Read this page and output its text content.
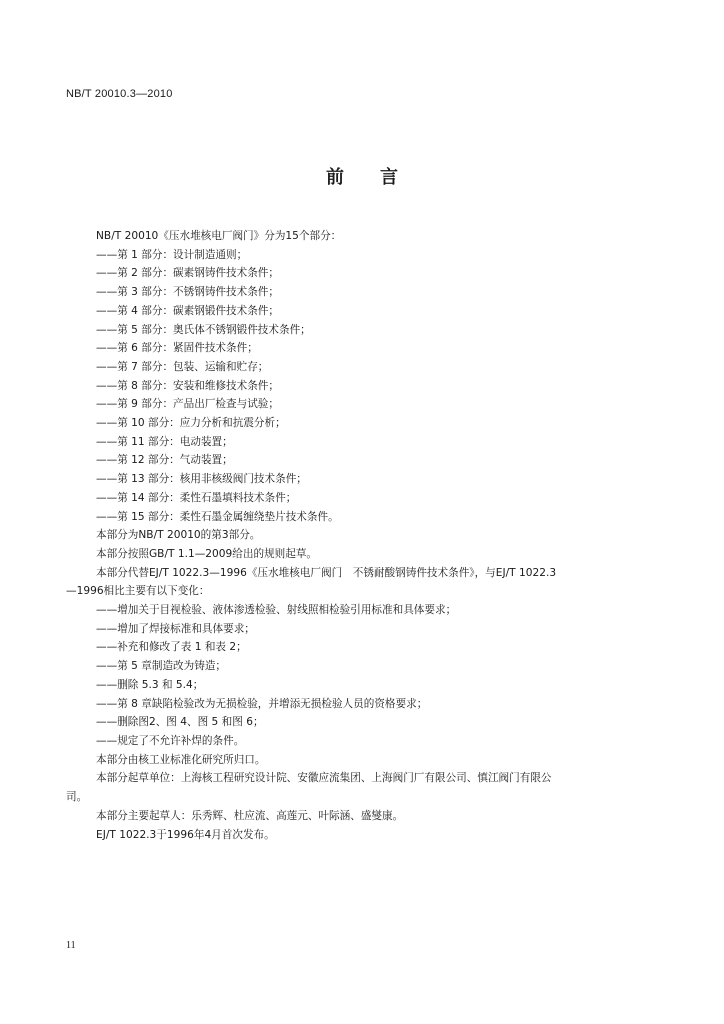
NB/T 20010.3—2010
前　　言
NB/T 20010《压水堆核电厂阀门》分为15个部分：
——第 1 部分：设计制造通则；
——第 2 部分：碳素钢铸件技术条件；
——第 3 部分：不锈钢铸件技术条件；
——第 4 部分：碳素钢锻件技术条件；
——第 5 部分：奥氏体不锈钢锻件技术条件；
——第 6 部分：紧固件技术条件；
——第 7 部分：包装、运输和贮存；
——第 8 部分：安装和维修技术条件；
——第 9 部分：产品出厂检查与试验；
——第 10 部分：应力分析和抗震分析；
——第 11 部分：电动装置；
——第 12 部分：气动装置；
——第 13 部分：核用非核级阀门技术条件；
——第 14 部分：柔性石墨填料技术条件；
——第 15 部分：柔性石墨金属缠绕垫片技术条件。
本部分为NB/T 20010的第3部分。
本部分按照GB/T 1.1—2009给出的规则起草。
本部分代替EJ/T 1022.3—1996《压水堆核电厂阀门　不锈耐酸钢铸件技术条件》，与EJ/T 1022.3
—1996相比主要有以下变化：
——增加关于目视检验、液体渗透检验、射线照相检验引用标准和具体要求；
——增加了焊接标准和具体要求；
——补充和修改了表 1 和表 2；
——第 5 章制造改为铸造；
——删除 5.3 和 5.4；
——第 8 章缺陷检验改为无损检验，并增添无损检验人员的资格要求；
——删除图2、图 4、图 5 和图 6；
——规定了不允许补焊的条件。
本部分由核工业标准化研究所归口。
本部分起草单位：上海核工程研究设计院、安徽应流集团、上海阀门厂有限公司、慎江阀门有限公
司。
本部分主要起草人：乐秀辉、杜应流、高莲元、叶际涵、盛燮康。
EJ/T 1022.3于1996年4月首次发布。
11
